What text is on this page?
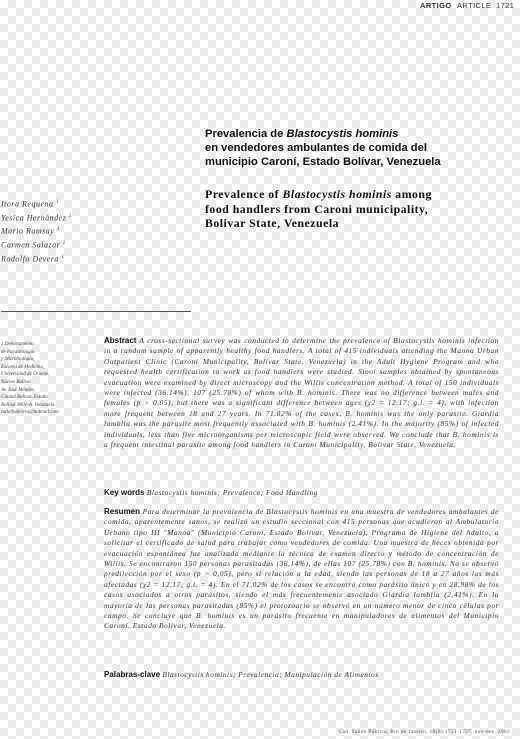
ARTIGO ARTICLE 1721
Prevalencia de Blastocystis hominis
en vendedores ambulantes de comida del
municipio Caroní, Estado Bolívar, Venezuela
Prevalence of Blastocystis hominis among
food handlers from Caroni municipality,
Bolivar State, Venezuela
Itora Requena $^1$
Yesica Hernández $^1$
Mario Ramsay $^1$
Carmen Salazar $^1$
Rodolfo Devera $^1$
1 Departamento
de Parasitología
y Microbiología,
Escuela de Medicina,
Universidad de Oriente,
Núcleo Bolívar.
Av. José Méndez,
Ciudad Bolívar, Estado
Bolívar 8001-A. Venezuela.
rodolfodevera@hotmail.com
Abstract A cross-sectional survey was conducted to determine the prevalence of Blastocystis hominis infection in a random sample of apparently healthy food handlers. A total of 415 individuals attending the Manoa Urban Outpatient Clinic (Caroni Municipality, Bolivar State, Venezuela) in the Adult Hygiene Program and who requested health certification to work as food handlers were studied. Stool samples obtained by spontaneous evacuation were examined by direct microscopy and the Willis concentration method. A total of 150 individuals were infected (36.14%), 107 (25.78%) of whom with B. hominis. There was no difference between males and females (p > 0.05), but there was a significant difference between ages (χ2 = 12.17; g.l. = 4), with infection more frequent between 18 and 27 years. In 71.02% of the cases, B. hominis was the only parasite. Giardia lamblia was the parasite most frequently associated with B. hominis (2.41%). In the majority (85%) of infected individuals, less than five microorganisms per microscopic field were observed. We conclude that B. hominis is a frequent intestinal parasite among food handlers in Caroni Municipality, Bolivar State, Venezuela.
Key words Blastocystis hominis; Prevalence; Food Handling
Resumen Para determinar la prevalencia de Blastocystis hominis en una muestra de vendedores ambulantes de comida, aparentemente sanos, se realizó un estudio seccional con 415 personas que acudieron al Ambulatorio Urbano tipo III "Manoa" (Municipio Caroní, Estado Bolívar, Venezuela), Programa de Higiene del Adulto, a solicitar el certificado de salud para trabajar como vendedores de comida. Una muestra de heces obtenida por evacuación espontánea fue analizada mediante la técnica de examen directo y método de concentración de Willis. Se encontraron 150 personas parasitadas (36,14%), de ellas 107 (25,78%) con B. hominis. No se observó predilección por el sexo (p > 0,05), pero sí relación a la edad, siendo las personas de 18 a 27 años las más afectadas (χ2 = 12,17; g.l. = 4). En el 71,02% de los casos se encontró como parásito único y en 28,98% de los casos asociados a otros parásitos, siendo el más frecuentemente asociado Giardia lamblia (2,41%). En la mayoría de las personas parasitadas (85%) el protozoario se observó en un número menor de cinco células por campo. Se concluye que B. hominis es un parásito frecuente en manipuladores de alimentos del Municipio Caroní, Estado Bolívar, Venezuela.
Palabras-clave Blastocystis hominis; Prevalencia; Manipulación de Alimentos
Cad. Saúde Pública, Rio de Janeiro, 18(6):1721-1727, nov-dez, 2002
